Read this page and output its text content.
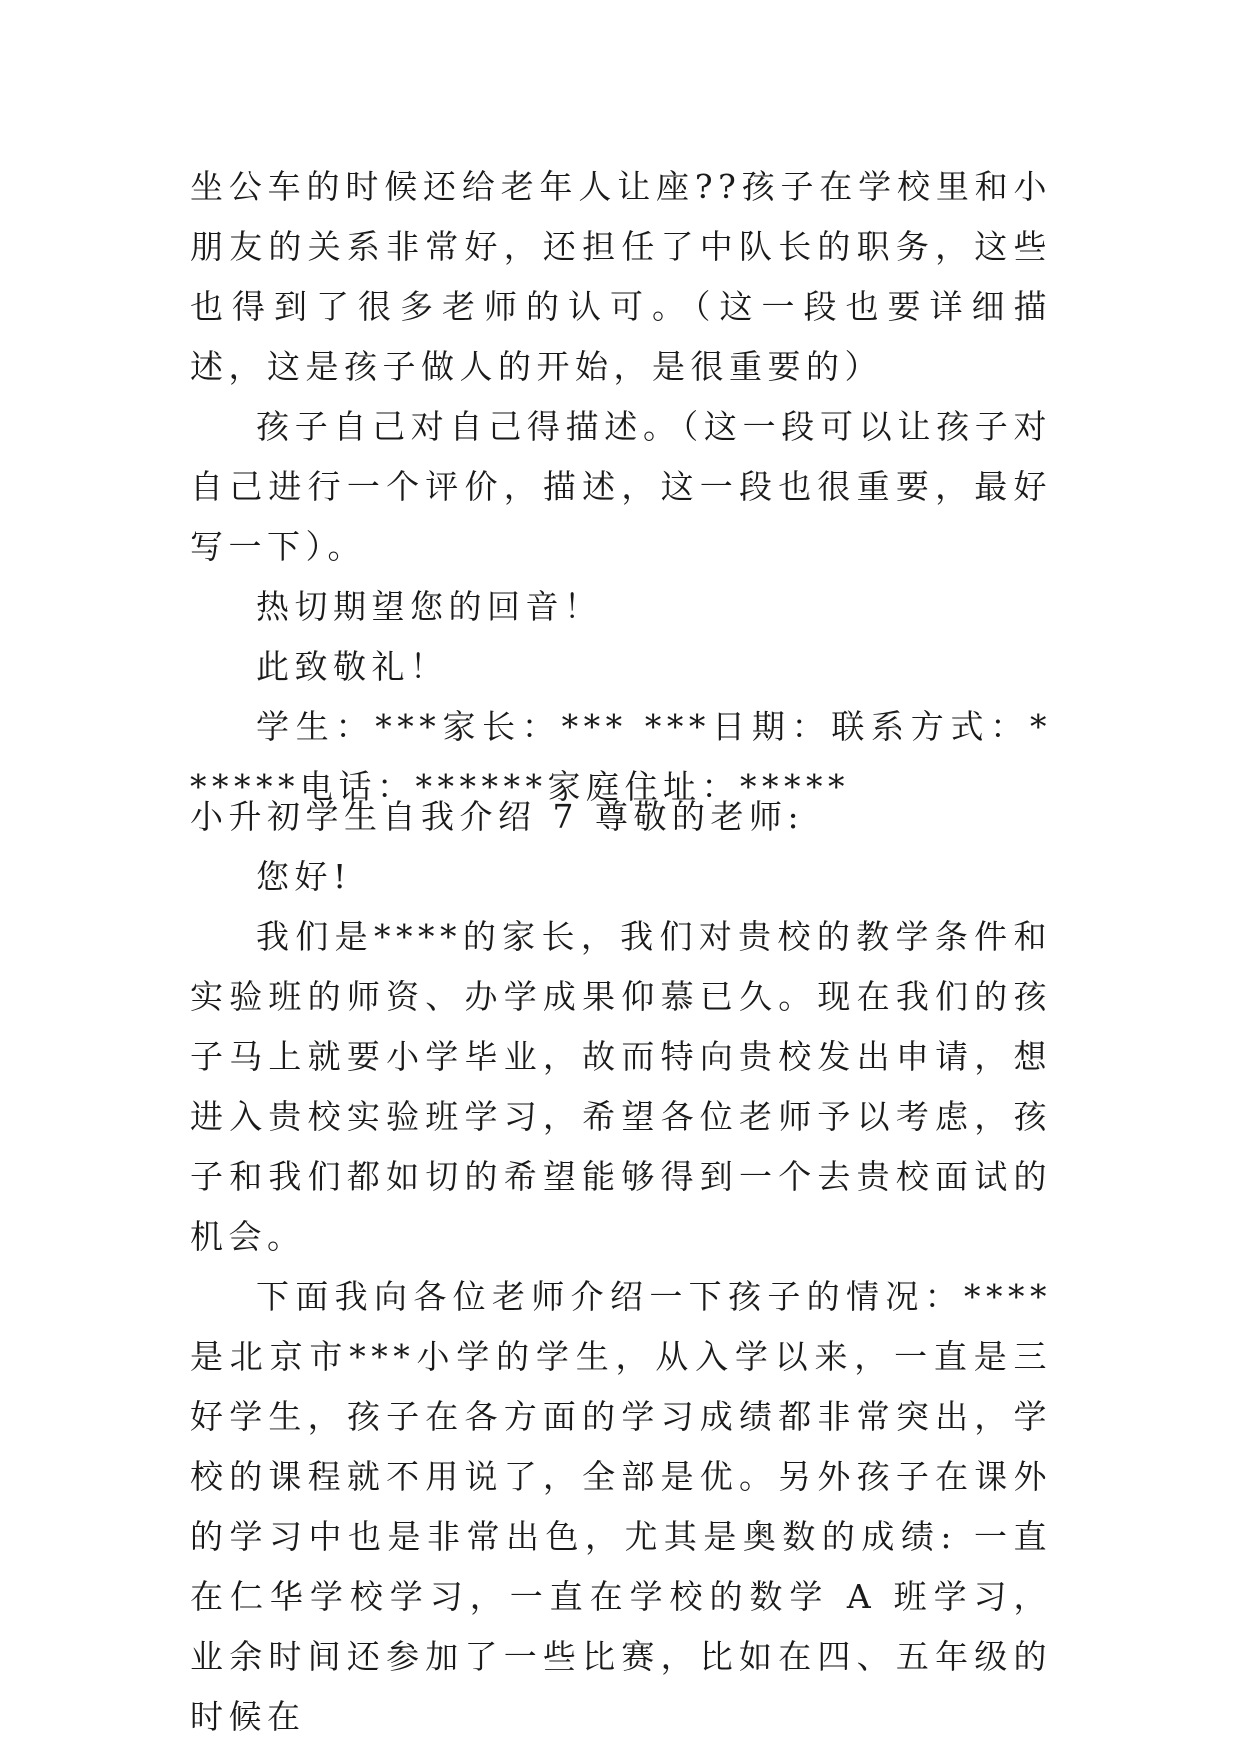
坐公车的时候还给老年人让座??孩子在学校里和小朋友的关系非常好，还担任了中队长的职务，这些也得到了很多老师的认可。（这一段也要详细描述，这是孩子做人的开始，是很重要的）

孩子自己对自己得描述。（这一段可以让孩子对自己进行一个评价，描述，这一段也很重要，最好写一下）。

热切期望您的回音！

此致敬礼！

学生：***家长：*** ***日期：联系方式：******电话：******家庭住址：*****

小升初学生自我介绍 7 尊敬的老师:

您好!

我们是****的家长，我们对贵校的教学条件和实验班的师资、办学成果仰慕已久。现在我们的孩子马上就要小学毕业，故而特向贵校发出申请，想进入贵校实验班学习，希望各位老师予以考虑，孩子和我们都如切的希望能够得到一个去贵校面试的机会。

下面我向各位老师介绍一下孩子的情况：****是北京市***小学的学生，从入学以来，一直是三好学生，孩子在各方面的学习成绩都非常突出，学校的课程就不用说了，全部是优。另外孩子在课外的学习中也是非常出色，尤其是奥数的成绩: 一直在仁华学校学习，一直在学校的数学 A 班学习，业余时间还参加了一些比赛，比如在四、五年级的时候在
